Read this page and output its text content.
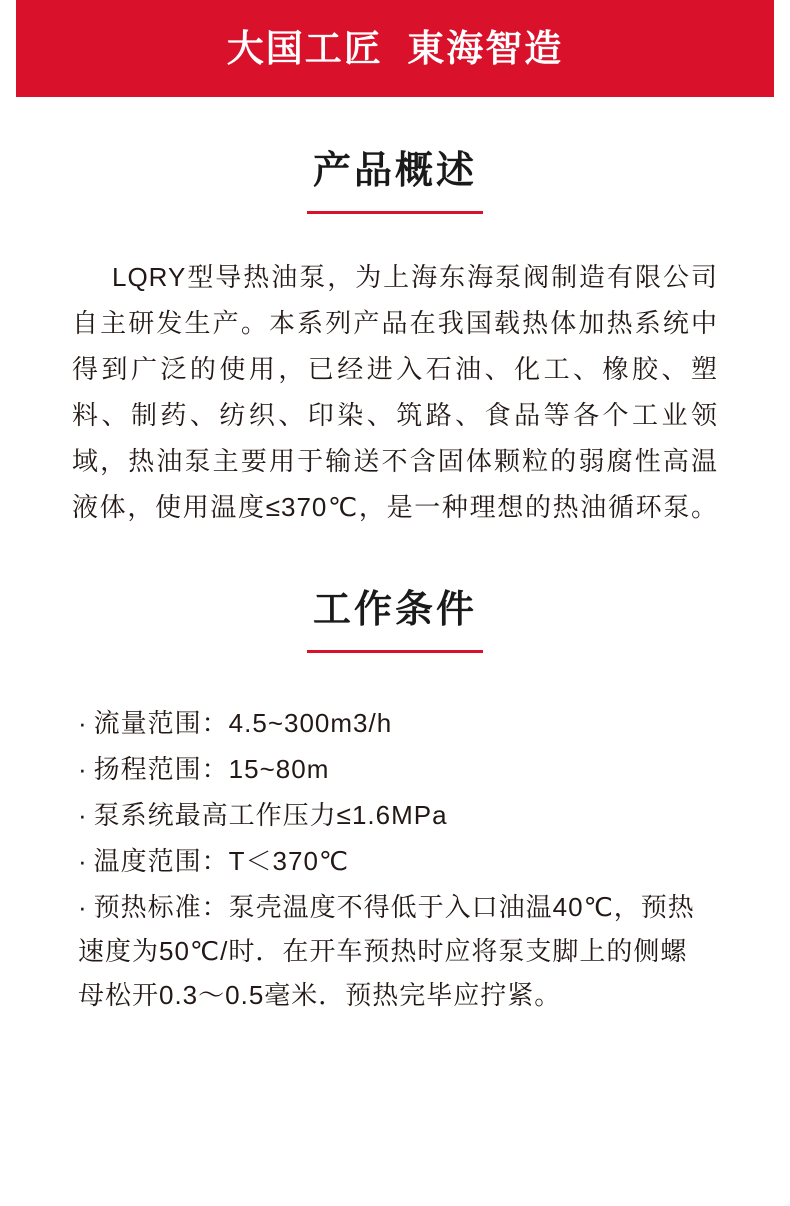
大国工匠  東海智造
产品概述
LQRY型导热油泵，为上海东海泵阀制造有限公司自主研发生产。本系列产品在我国载热体加热系统中得到广泛的使用，已经进入石油、化工、橡胶、塑料、制药、纺织、印染、筑路、食品等各个工业领域，热油泵主要用于输送不含固体颗粒的弱腐性高温液体，使用温度≤370℃，是一种理想的热油循环泵。
工作条件
· 流量范围：4.5~300m3/h
· 扬程范围：15~80m
· 泵系统最高工作压力≤1.6MPa
· 温度范围：T＜370℃
· 预热标准：泵壳温度不得低于入口油温40℃，预热速度为50℃/时．在开车预热时应将泵支脚上的侧螺母松开0.3～0.5毫米．预热完毕应拧紧。
